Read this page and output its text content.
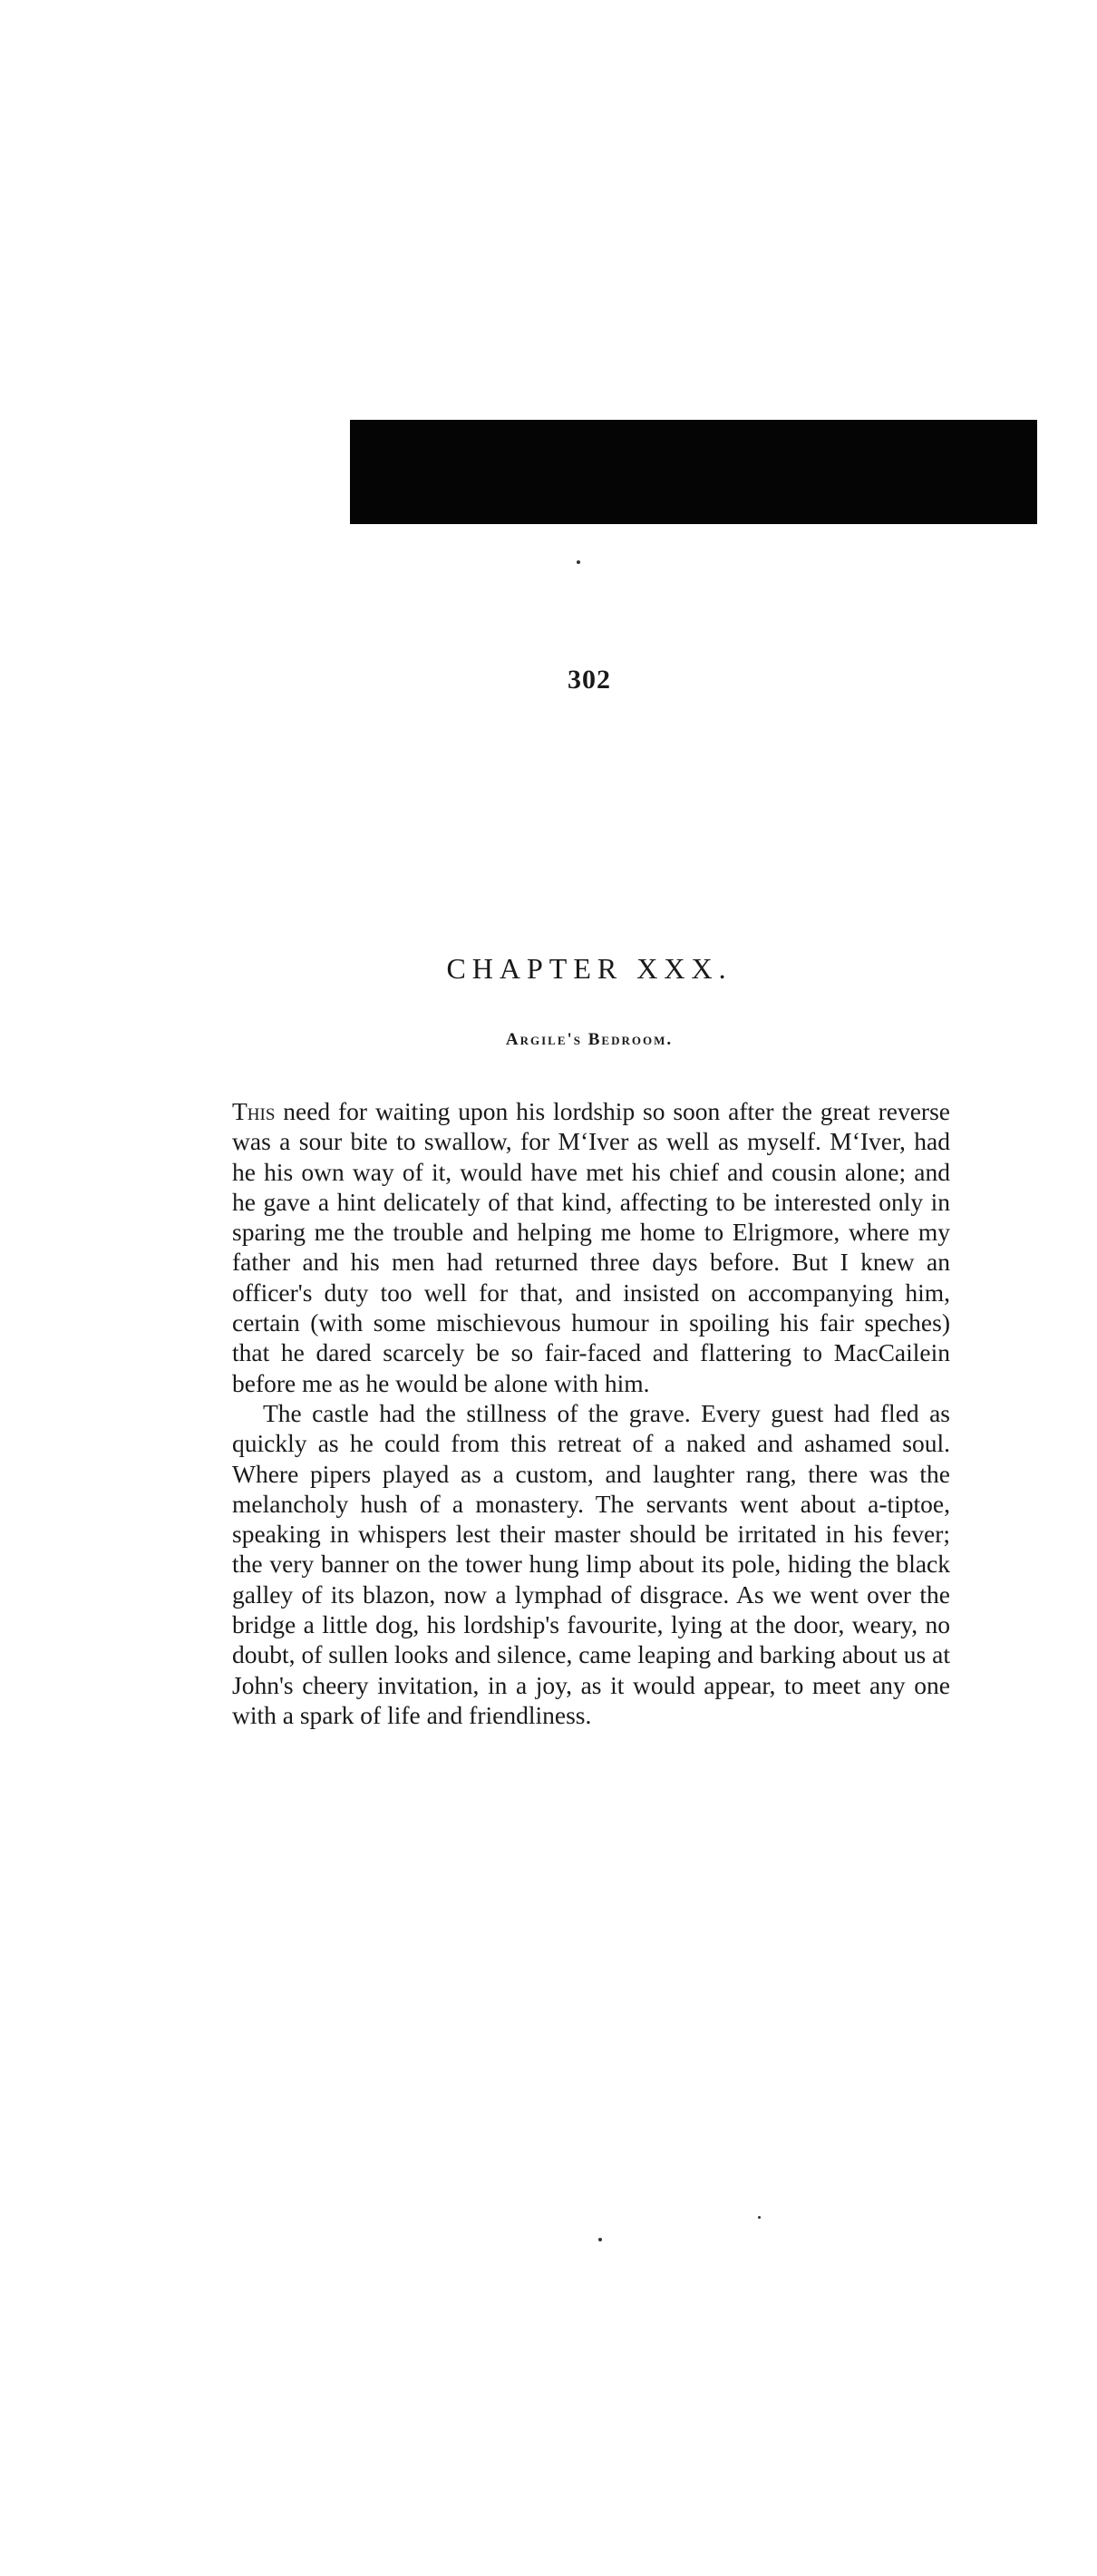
302
CHAPTER XXX.
Argile's Bedroom.

This need for waiting upon his lordship so soon after the great reverse was a sour bite to swallow, for M‘Iver as well as myself. M‘Iver, had he his own way of it, would have met his chief and cousin alone; and he gave a hint delicately of that kind, affecting to be interested only in sparing me the trouble and helping me home to Elrigmore, where my father and his men had returned three days before. But I knew an officer's duty too well for that, and insisted on accompanying him, certain (with some mischievous humour in spoiling his fair speches) that he dared scarcely be so fair-faced and flattering to MacCailein before me as he would be alone with him.

The castle had the stillness of the grave. Every guest had fled as quickly as he could from this retreat of a naked and ashamed soul. Where pipers played as a custom, and laughter rang, there was the melancholy hush of a monastery. The servants went about a-tiptoe, speaking in whispers lest their master should be irritated in his fever; the very banner on the tower hung limp about its pole, hiding the black galley of its blazon, now a lymphad of disgrace. As we went over the bridge a little dog, his lordship's favourite, lying at the door, weary, no doubt, of sullen looks and silence, came leaping and barking about us at John's cheery invitation, in a joy, as it would appear, to meet any one with a spark of life and friendliness.
